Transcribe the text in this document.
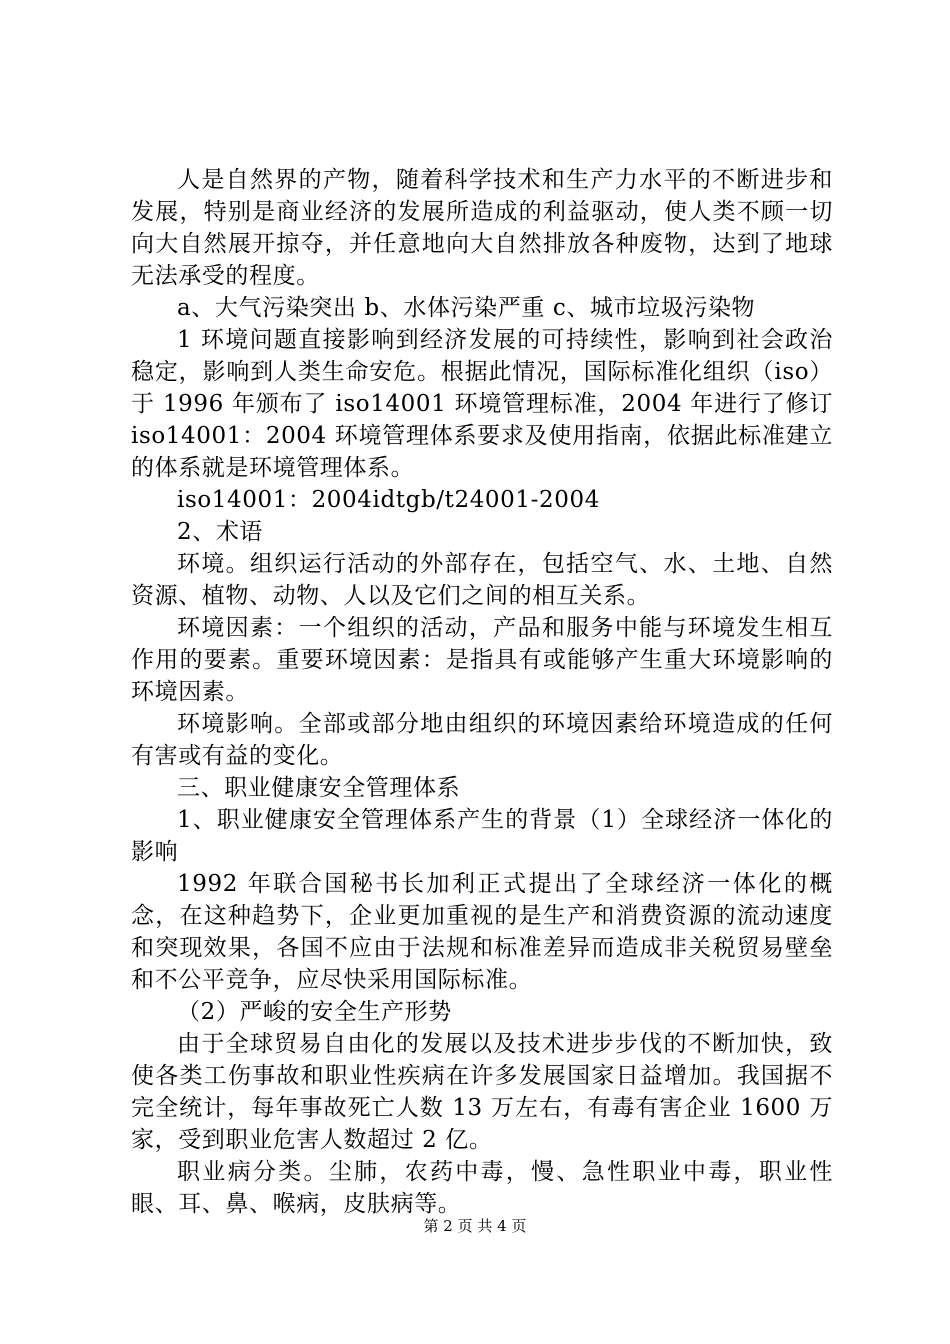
人是自然界的产物，随着科学技术和生产力水平的不断进步和发展，特别是商业经济的发展所造成的利益驱动，使人类不顾一切向大自然展开掠夺，并任意地向大自然排放各种废物，达到了地球无法承受的程度。

a、大气污染突出 b、水体污染严重 c、城市垃圾污染物

1 环境问题直接影响到经济发展的可持续性，影响到社会政治稳定，影响到人类生命安危。根据此情况，国际标准化组织（iso）于 1996 年颁布了 iso14001 环境管理标准，2004 年进行了修订 iso14001：2004 环境管理体系要求及使用指南，依据此标准建立的体系就是环境管理体系。

iso14001：2004idtgb/t24001-2004

2、术语

环境。组织运行活动的外部存在，包括空气、水、土地、自然资源、植物、动物、人以及它们之间的相互关系。

环境因素：一个组织的活动，产品和服务中能与环境发生相互作用的要素。重要环境因素：是指具有或能够产生重大环境影响的环境因素。

环境影响。全部或部分地由组织的环境因素给环境造成的任何有害或有益的变化。

三、职业健康安全管理体系

1、职业健康安全管理体系产生的背景（1）全球经济一体化的影响

1992 年联合国秘书长加利正式提出了全球经济一体化的概念，在这种趋势下，企业更加重视的是生产和消费资源的流动速度和突现效果，各国不应由于法规和标准差异而造成非关税贸易壁垒和不公平竞争，应尽快采用国际标准。

（2）严峻的安全生产形势

由于全球贸易自由化的发展以及技术进步步伐的不断加快，致使各类工伤事故和职业性疾病在许多发展国家日益增加。我国据不完全统计，每年事故死亡人数 13 万左右，有毒有害企业 1600 万家，受到职业危害人数超过 2 亿。

职业病分类。尘肺，农药中毒，慢、急性职业中毒，职业性眼、耳、鼻、喉病，皮肤病等。

第 2 页 共 4 页
